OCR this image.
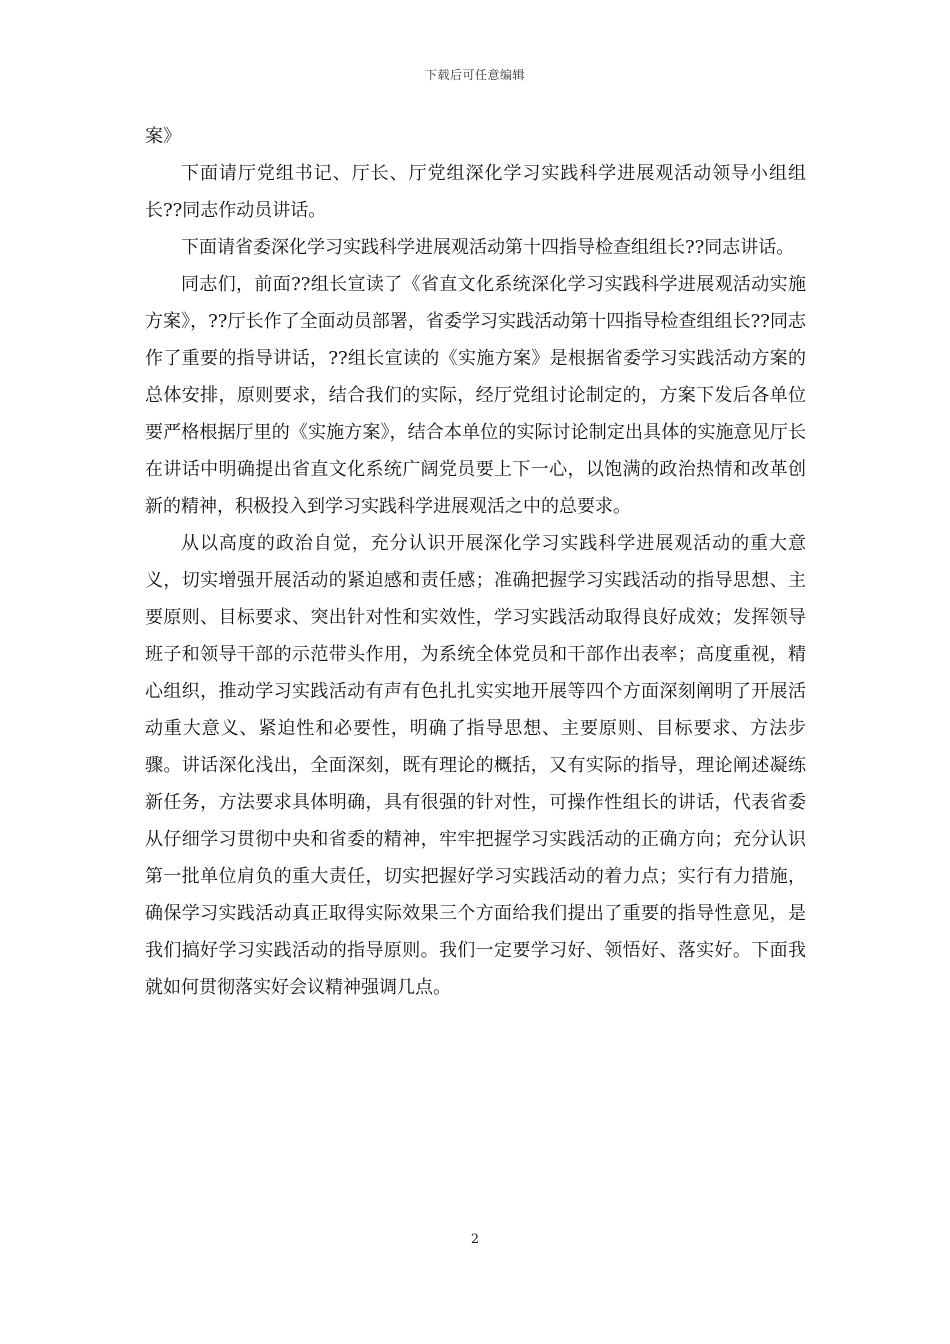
下载后可任意编辑

案》

下面请厅党组书记、厅长、厅党组深化学习实践科学进展观活动领导小组组长??同志作动员讲话。

下面请省委深化学习实践科学进展观活动第十四指导检查组组长??同志讲话。

同志们，前面??组长宣读了《省直文化系统深化学习实践科学进展观活动实施方案》，??厅长作了全面动员部署，省委学习实践活动第十四指导检查组组长??同志作了重要的指导讲话，??组长宣读的《实施方案》是根据省委学习实践活动方案的总体安排，原则要求，结合我们的实际，经厅党组讨论制定的，方案下发后各单位要严格根据厅里的《实施方案》，结合本单位的实际讨论制定出具体的实施意见厅长在讲话中明确提出省直文化系统广阔党员要上下一心，以饱满的政治热情和改革创新的精神，积极投入到学习实践科学进展观活之中的总要求。

从以高度的政治自觉，充分认识开展深化学习实践科学进展观活动的重大意义，切实增强开展活动的紧迫感和责任感；准确把握学习实践活动的指导思想、主要原则、目标要求、突出针对性和实效性，学习实践活动取得良好成效；发挥领导班子和领导干部的示范带头作用，为系统全体党员和干部作出表率；高度重视，精心组织，推动学习实践活动有声有色扎扎实实地开展等四个方面深刻阐明了开展活动重大意义、紧迫性和必要性，明确了指导思想、主要原则、目标要求、方法步骤。讲话深化浅出，全面深刻，既有理论的概括，又有实际的指导，理论阐述凝练新任务，方法要求具体明确，具有很强的针对性，可操作性组长的讲话，代表省委从仔细学习贯彻中央和省委的精神，牢牢把握学习实践活动的正确方向；充分认识第一批单位肩负的重大责任，切实把握好学习实践活动的着力点；实行有力措施，确保学习实践活动真正取得实际效果三个方面给我们提出了重要的指导性意见，是我们搞好学习实践活动的指导原则。我们一定要学习好、领悟好、落实好。下面我就如何贯彻落实好会议精神强调几点。

2
